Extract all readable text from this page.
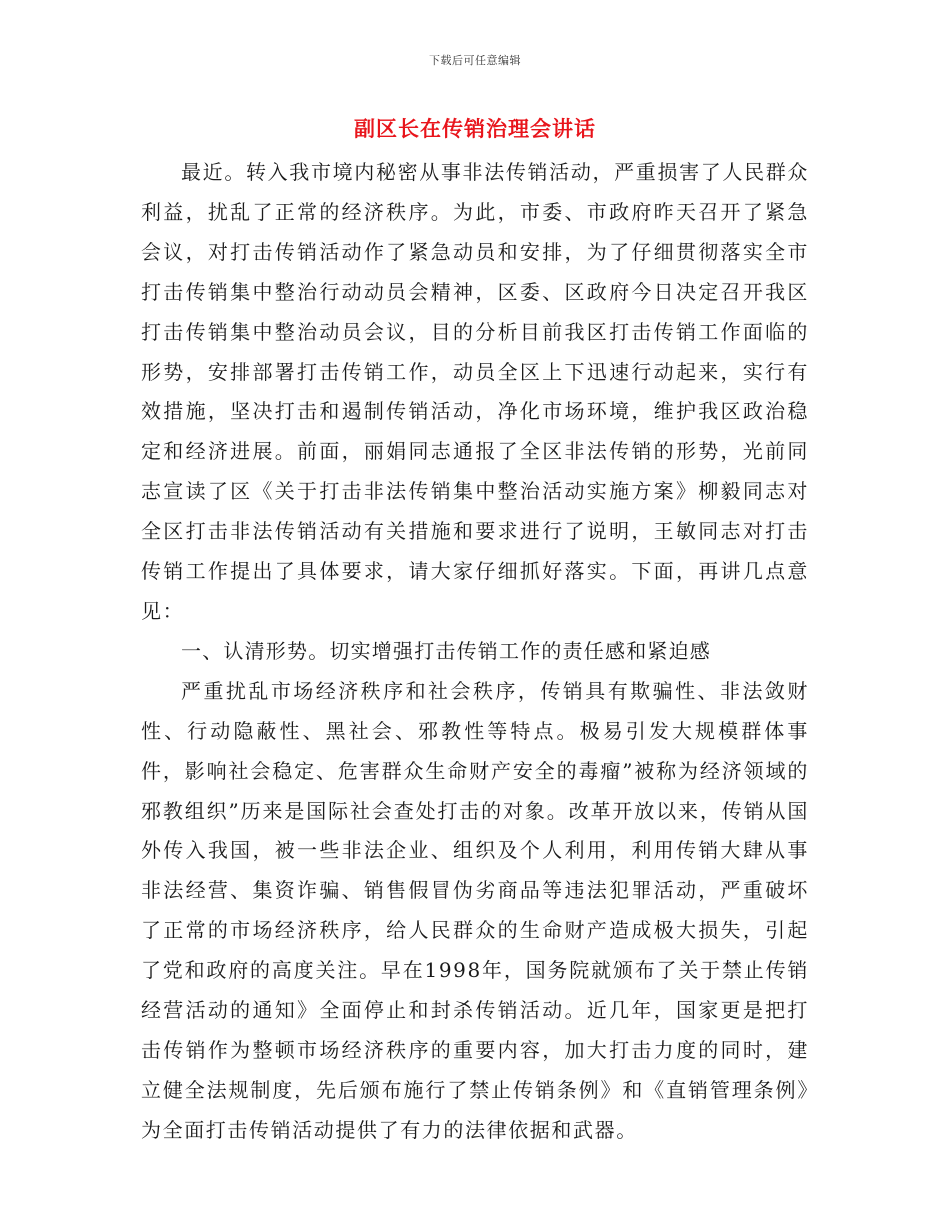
下载后可任意编辑
副区长在传销治理会讲话

最近。转入我市境内秘密从事非法传销活动，严重损害了人民群众利益，扰乱了正常的经济秩序。为此，市委、市政府昨天召开了紧急会议，对打击传销活动作了紧急动员和安排，为了仔细贯彻落实全市打击传销集中整治行动动员会精神，区委、区政府今日决定召开我区打击传销集中整治动员会议，目的分析目前我区打击传销工作面临的形势，安排部署打击传销工作，动员全区上下迅速行动起来，实行有效措施，坚决打击和遏制传销活动，净化市场环境，维护我区政治稳定和经济进展。前面，丽娟同志通报了全区非法传销的形势，光前同志宣读了区《关于打击非法传销集中整治活动实施方案》柳毅同志对全区打击非法传销活动有关措施和要求进行了说明，王敏同志对打击传销工作提出了具体要求，请大家仔细抓好落实。下面，再讲几点意见：

一、认清形势。切实增强打击传销工作的责任感和紧迫感

严重扰乱市场经济秩序和社会秩序，传销具有欺骗性、非法敛财性、行动隐蔽性、黑社会、邪教性等特点。极易引发大规模群体事件，影响社会稳定、危害群众生命财产安全的毒瘤”被称为经济领域的邪教组织”历来是国际社会查处打击的对象。改革开放以来，传销从国外传入我国，被一些非法企业、组织及个人利用，利用传销大肆从事非法经营、集资诈骗、销售假冒伪劣商品等违法犯罪活动，严重破坏了正常的市场经济秩序，给人民群众的生命财产造成极大损失，引起了党和政府的高度关注。早在1998年，国务院就颁布了关于禁止传销经营活动的通知》全面停止和封杀传销活动。近几年，国家更是把打击传销作为整顿市场经济秩序的重要内容，加大打击力度的同时，建立健全法规制度，先后颁布施行了禁止传销条例》和《直销管理条例》为全面打击传销活动提供了有力的法律依据和武器。
